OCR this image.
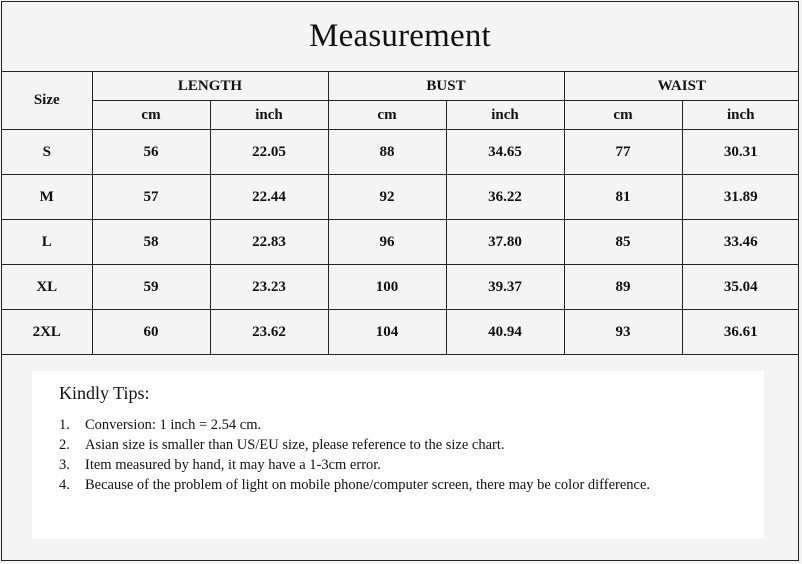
Measurement
Size	LENGTH		BUST		WAIST	
	cm	inch	cm	inch	cm	inch
S	56	22.05	88	34.65	77	30.31
M	57	22.44	92	36.22	81	31.89
L	58	22.83	96	37.80	85	33.46
XL	59	23.23	100	39.37	89	35.04
2XL	60	23.62	104	40.94	93	36.61
Kindly Tips:
1.	Conversion: 1 inch = 2.54 cm.
2.	Asian size is smaller than US/EU size, please reference to the size chart.
3.	Item measured by hand, it may have a 1-3cm error.
4.	Because of the problem of light on mobile phone/computer screen, there may be color difference.
